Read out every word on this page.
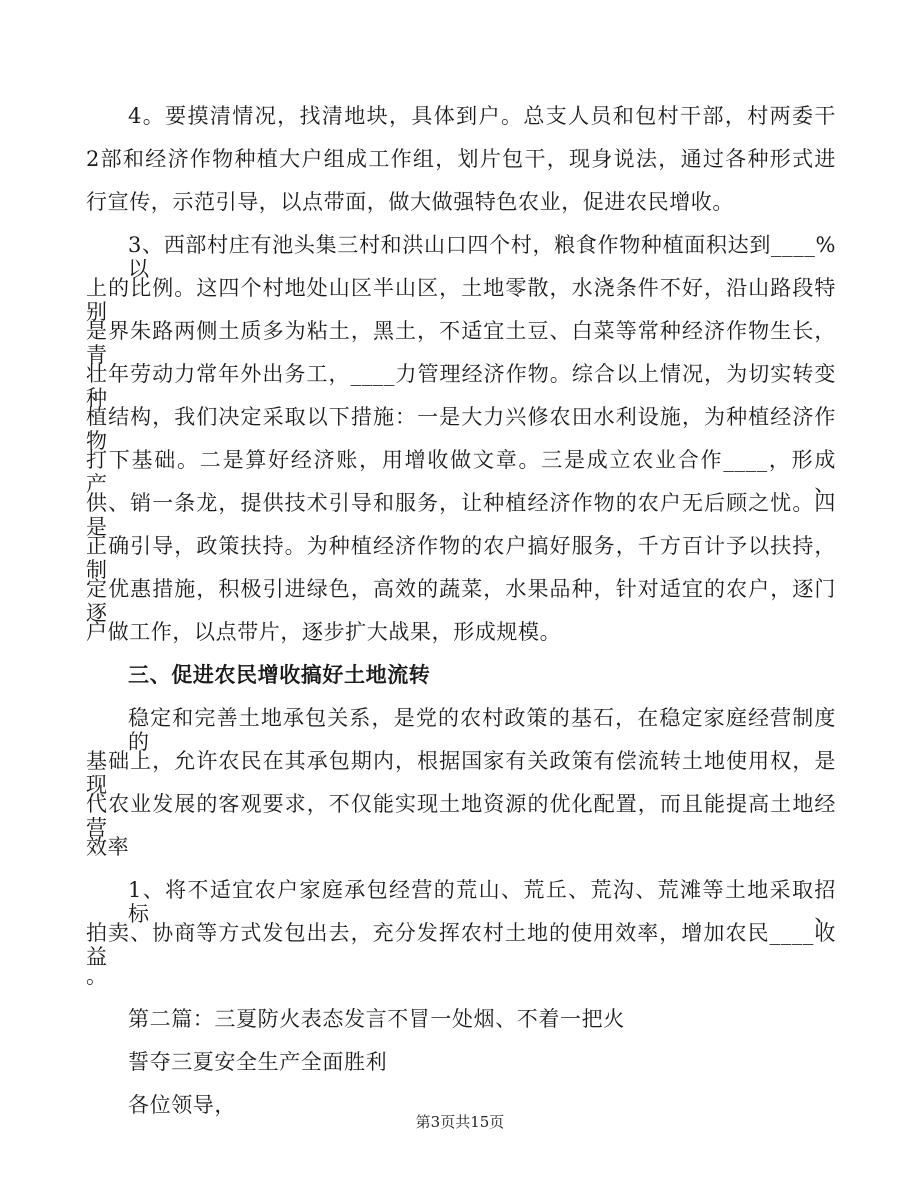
4。要摸清情况，找清地块，具体到户。总支人员和包村干部，村两委干
2部和经济作物种植大户组成工作组，划片包干，现身说法，通过各种形式进
行宣传，示范引导，以点带面，做大做强特色农业，促进农民增收。
3、西部村庄有池头集三村和洪山口四个村，粮食作物种植面积达到____%以
上的比例。这四个村地处山区半山区，土地零散，水浇条件不好，沿山路段特别
是界朱路两侧土质多为粘土，黑土，不适宜土豆、白菜等常种经济作物生长，青
壮年劳动力常年外出务工，____力管理经济作物。综合以上情况，为切实转变种
植结构，我们决定采取以下措施：一是大力兴修农田水利设施，为种植经济作物
打下基础。二是算好经济账，用增收做文章。三是成立农业合作____，形成产、
供、销一条龙，提供技术引导和服务，让种植经济作物的农户无后顾之忧。四是
正确引导，政策扶持。为种植经济作物的农户搞好服务，千方百计予以扶持，制
定优惠措施，积极引进绿色，高效的蔬菜，水果品种，针对适宜的农户，逐门逐
户做工作，以点带片，逐步扩大战果，形成规模。
三、促进农民增收搞好土地流转
稳定和完善土地承包关系，是党的农村政策的基石，在稳定家庭经营制度的
基础上，允许农民在其承包期内，根据国家有关政策有偿流转土地使用权，是现
代农业发展的客观要求，不仅能实现土地资源的优化配置，而且能提高土地经营
效率
1、将不适宜农户家庭承包经营的荒山、荒丘、荒沟、荒滩等土地采取招标、
拍卖、协商等方式发包出去，充分发挥农村土地的使用效率，增加农民____收益
。
第二篇：三夏防火表态发言不冒一处烟、不着一把火
誓夺三夏安全生产全面胜利
各位领导，
第3页共15页
